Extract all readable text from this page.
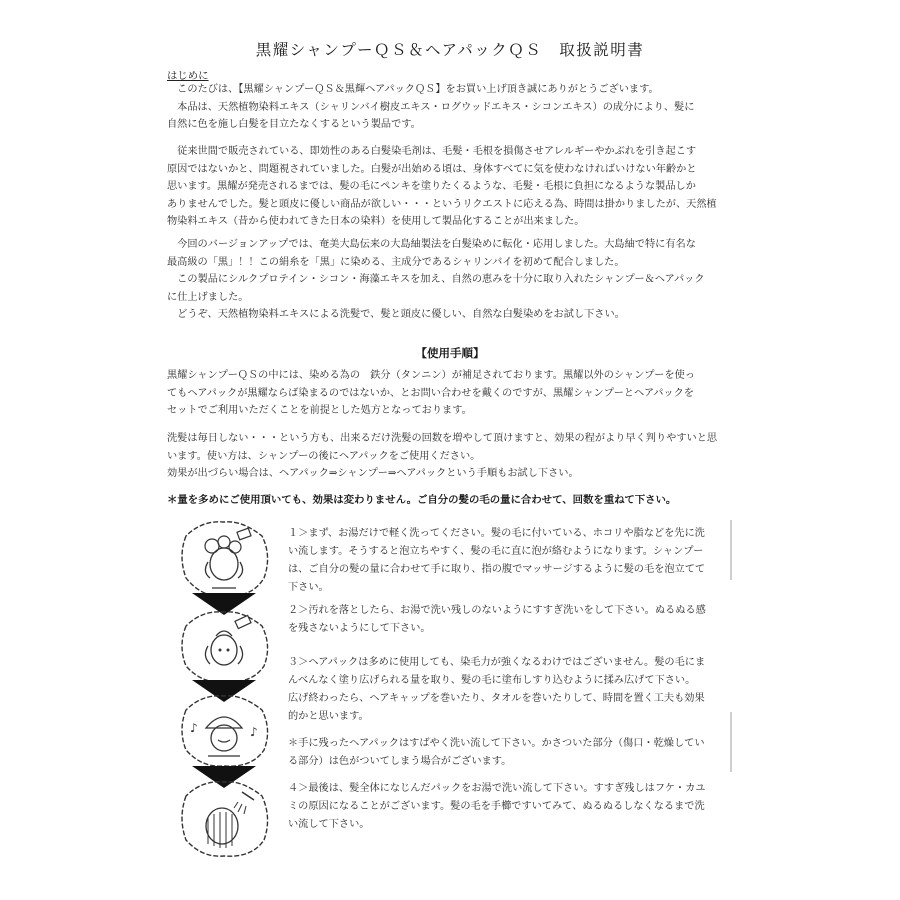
黒耀シャンプーＱＳ＆ヘアパックＱＳ　取扱説明書
はじめに

　このたびは、【黒耀シャンプーＱＳ＆黒輝ヘアパックＱＳ】をお買い上げ頂き誠にありがとうございます。
　本品は、天然植物染料エキス（シャリンバイ樹皮エキス・ログウッドエキス・シコンエキス）の成分により、髪に
自然に色を施し白髪を目立たなくするという製品です。

　従来世間で販売されている、即効性のある白髪染毛剤は、毛髪・毛根を損傷させアレルギーやかぶれを引き起こす
原因ではないかと、問題視されていました。白髪が出始める頃は、身体すべてに気を使わなければいけない年齢かと
思います。黒耀が発売されるまでは、髪の毛にペンキを塗りたくるような、毛髪・毛根に負担になるような製品しか
ありませんでした。髪と頭皮に優しい商品が欲しい・・・というリクエストに応える為、時間は掛かりましたが、天然植
物染料エキス（昔から使われてきた日本の染料）を使用して製品化することが出来ました。

　今回のバージョンアップでは、奄美大島伝来の大島紬製法を白髪染めに転化・応用しました。大島紬で特に有名な
最高級の「黒」！！この絹糸を「黒」に染める、主成分であるシャリンバイを初めて配合しました。
　この製品にシルクプロテイン・シコン・海藻エキスを加え、自然の恵みを十分に取り入れたシャンプー＆ヘアパック
に仕上げました。
　どうぞ、天然植物染料エキスによる洗髪で、髪と頭皮に優しい、自然な白髪染めをお試し下さい。

【使用手順】

黒耀シャンプーＱＳの中には、染める為の　鉄分（タンニン）が補足されております。黒耀以外のシャンプーを使っ
てもヘアパックが黒耀ならば染まるのではないか、とお問い合わせを戴くのですが、黒耀シャンプーとヘアパックを
セットでご利用いただくことを前提とした処方となっております。

洗髪は毎日しない・・・という方も、出来るだけ洗髪の回数を増やして頂けますと、効果の程がより早く判りやすいと思
います。使い方は、シャンプーの後にヘアパックをご使用ください。
効果が出づらい場合は、ヘアパック⇒シャンプー⇒ヘアパックという手順もお試し下さい。

＊量を多めにご使用頂いても、効果は変わりません。ご自分の髪の毛の量に合わせて、回数を重ねて下さい。
♪	♪

１＞まず、お湯だけで軽く洗ってください。髪の毛に付いている、ホコリや脂などを先に洗
い流します。そうすると泡立ちやすく、髪の毛に直に泡が絡むようになります。シャンプー
は、ご自分の髪の量に合わせて手に取り、指の腹でマッサージするように髪の毛を泡立てて
下さい。

２＞汚れを落としたら、お湯で洗い残しのないようにすすぎ洗いをして下さい。ぬるぬる感
を残さないようにして下さい。

３＞ヘアパックは多めに使用しても、染毛力が強くなるわけではございません。髪の毛にま
んべんなく塗り広げられる量を取り、髪の毛に塗布しすり込むように揉み広げて下さい。
広げ終わったら、ヘアキャップを巻いたり、タオルを巻いたりして、時間を置く工夫も効果
的かと思います。

＊手に残ったヘアパックはすばやく洗い流して下さい。かさついた部分（傷口・乾燥してい
る部分）は色がついてしまう場合がございます。

４＞最後は、髪全体になじんだパックをお湯で洗い流して下さい。すすぎ残しはフケ・カユ
ミの原因になることがございます。髪の毛を手櫛ですいてみて、ぬるぬるしなくなるまで洗
い流して下さい。
